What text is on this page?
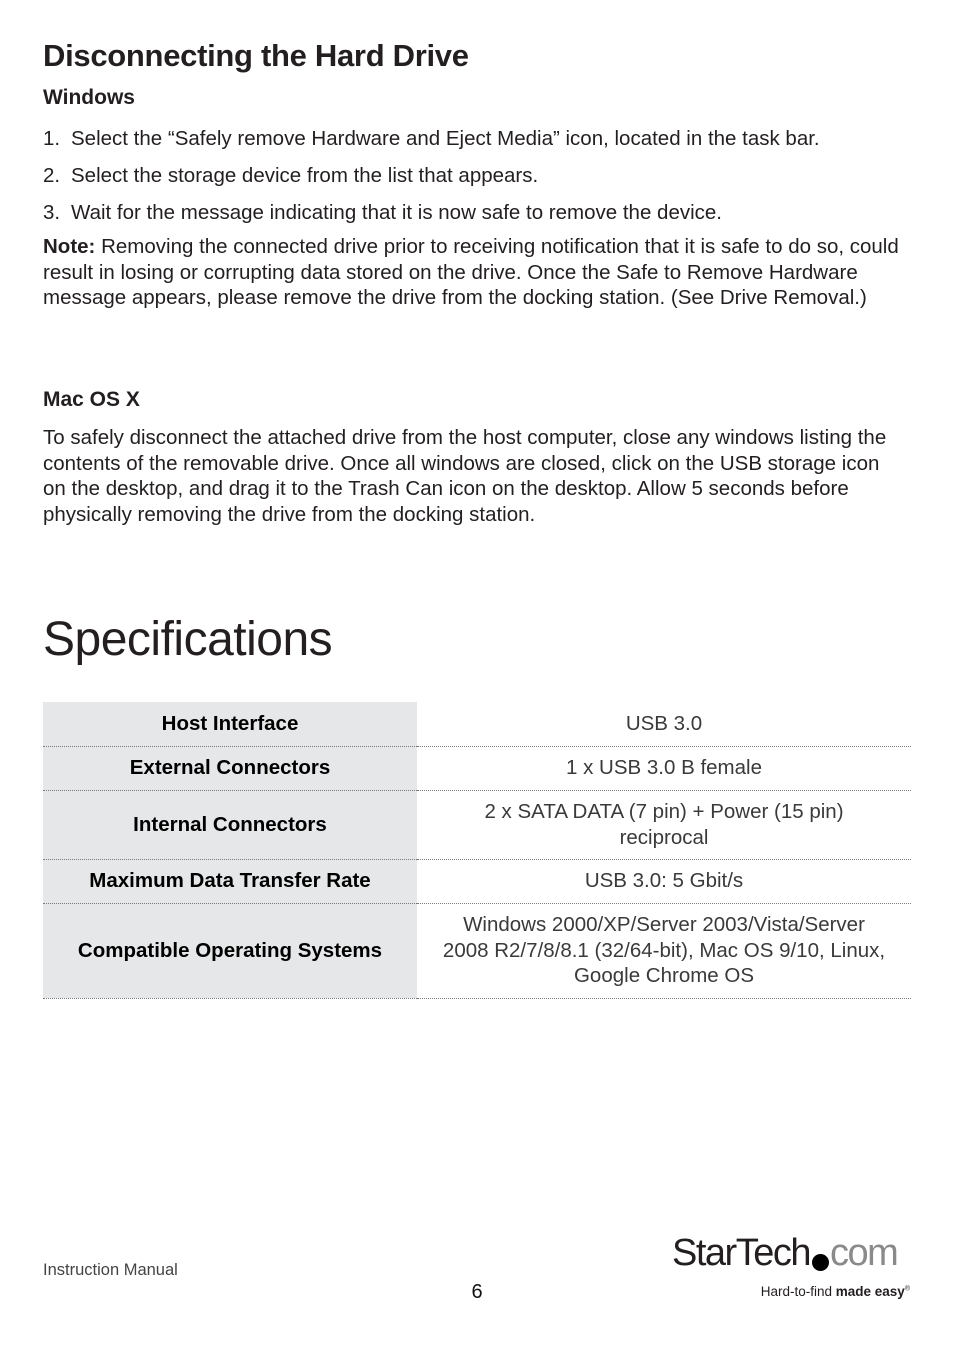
Disconnecting the Hard Drive
Windows
1. Select the “Safely remove Hardware and Eject Media” icon, located in the task bar.
2. Select the storage device from the list that appears.
3. Wait for the message indicating that it is now safe to remove the device.

Note: Removing the connected drive prior to receiving notification that it is safe to do so, could result in losing or corrupting data stored on the drive. Once the Safe to Remove Hardware message appears, please remove the drive from the docking station. (See Drive Removal.)

Mac OS X

To safely disconnect the attached drive from the host computer, close any windows listing the contents of the removable drive. Once all windows are closed, click on the USB storage icon on the desktop, and drag it to the Trash Can icon on the desktop. Allow 5 seconds before physically removing the drive from the docking station.

Specifications
Host Interface	USB 3.0
External Connectors	1 x USB 3.0 B female
Internal Connectors	2 x SATA DATA (7 pin) + Power (15 pin) reciprocal
Maximum Data Transfer Rate	USB 3.0: 5 Gbit/s
Compatible Operating Systems	Windows 2000/XP/Server 2003/Vista/Server 2008 R2/7/8/8.1 (32/64-bit), Mac OS 9/10, Linux, Google Chrome OS
Instruction Manual
6
StarTech com
Hard-to-find made easy®
